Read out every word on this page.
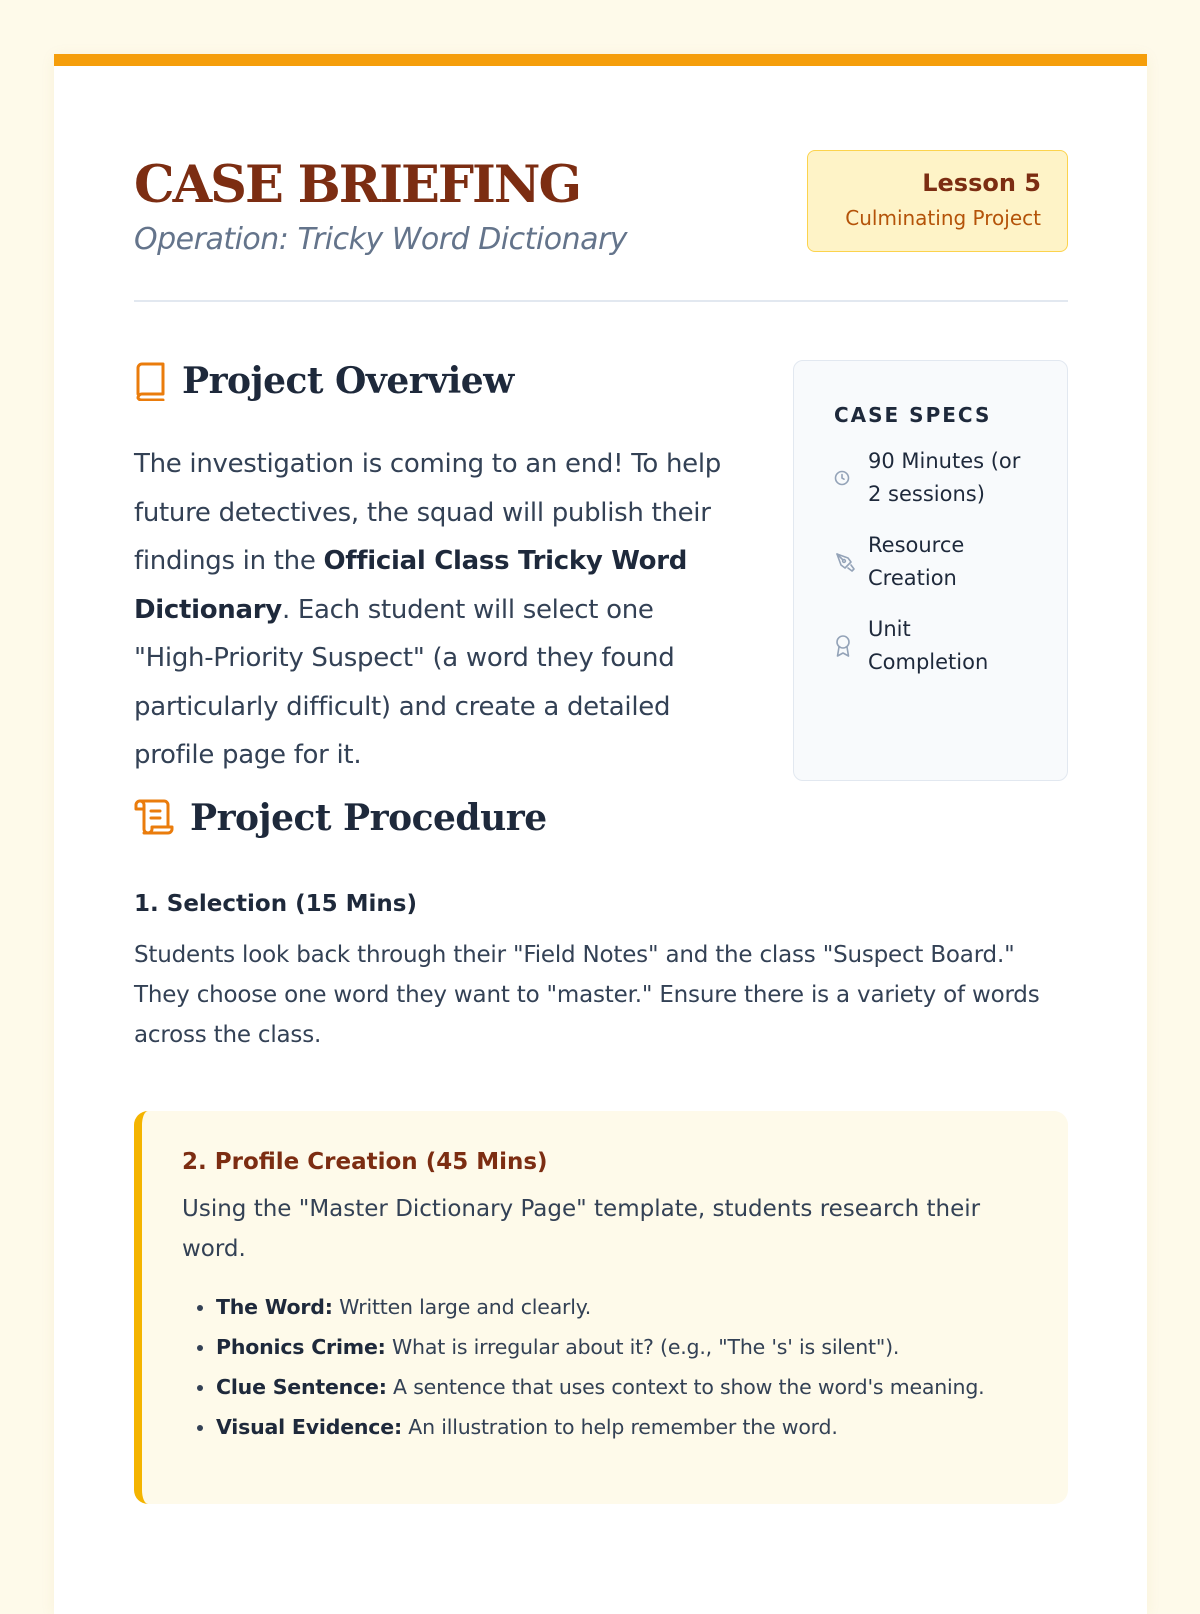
CASE BRIEFING
Operation: Tricky Word Dictionary
Lesson 5
Culminating Project
Project Overview

The investigation is coming to an end! To help future detectives, the squad will publish their findings in the Official Class Tricky Word Dictionary. Each student will select one "High-Priority Suspect" (a word they found particularly difficult) and create a detailed profile page for it.

CASE SPECS
90 Minutes (or 2 sessions)
Resource Creation
Unit Completion
Project Procedure
1. Selection (15 Mins)

Students look back through their "Field Notes" and the class "Suspect Board." They choose one word they want to "master." Ensure there is a variety of words across the class.

2. Profile Creation (45 Mins)

Using the "Master Dictionary Page" template, students research their word.

• The Word: Written large and clearly.
• Phonics Crime: What is irregular about it? (e.g., "The 's' is silent").
• Clue Sentence: A sentence that uses context to show the word's meaning.
• Visual Evidence: An illustration to help remember the word.
